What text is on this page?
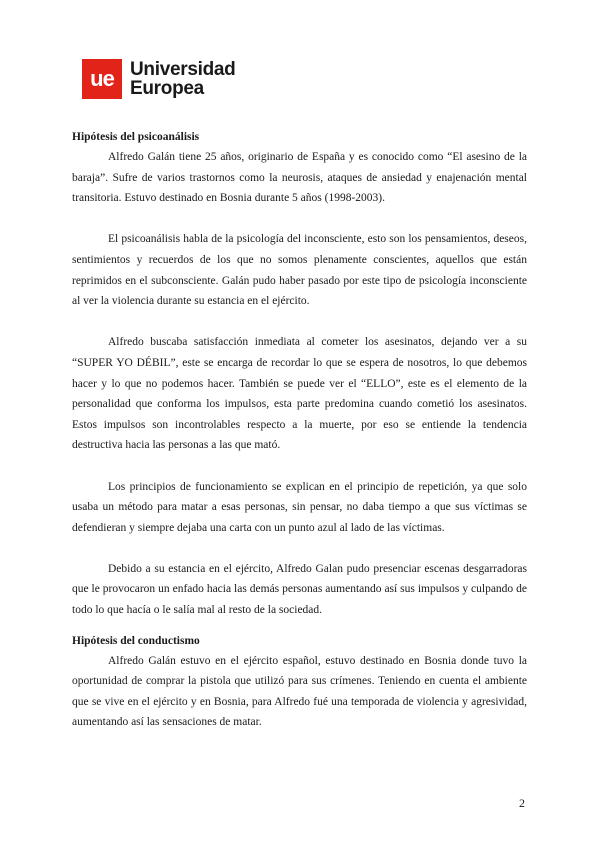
ue Universidad
Europea
Hipótesis del psicoanálisis

Alfredo Galán tiene 25 años, originario de España y es conocido como “El asesino de la baraja”. Sufre de varios trastornos como la neurosis, ataques de ansiedad y enajenación mental transitoria. Estuvo destinado en Bosnia durante 5 años (1998-2003).

El psicoanálisis habla de la psicología del inconsciente, esto son los pensamientos, deseos, sentimientos y recuerdos de los que no somos plenamente conscientes, aquellos que están reprimidos en el subconsciente. Galán pudo haber pasado por este tipo de psicología inconsciente al ver la violencia durante su estancia en el ejército.

Alfredo buscaba satisfacción inmediata al cometer los asesinatos, dejando ver a su “SUPER YO DÉBIL”, este se encarga de recordar lo que se espera de nosotros, lo que debemos hacer y lo que no podemos hacer. También se puede ver el “ELLO”, este es el elemento de la personalidad que conforma los impulsos, esta parte predomina cuando cometió los asesinatos. Estos impulsos son incontrolables respecto a la muerte, por eso se entiende la tendencia destructiva hacia las personas a las que mató.

Los principios de funcionamiento se explican en el principio de repetición, ya que solo usaba un método para matar a esas personas, sin pensar, no daba tiempo a que sus víctimas se defendieran y siempre dejaba una carta con un punto azul al lado de las víctimas.

Debido a su estancia en el ejército, Alfredo Galan pudo presenciar escenas desgarradoras que le provocaron un enfado hacia las demás personas aumentando así sus impulsos y culpando de todo lo que hacía o le salía mal al resto de la sociedad.

Hipótesis del conductismo

Alfredo Galán estuvo en el ejército español, estuvo destinado en Bosnia donde tuvo la oportunidad de comprar la pistola que utilizó para sus crímenes. Teniendo en cuenta el ambiente que se vive en el ejército y en Bosnia, para Alfredo fué una temporada de violencia y agresividad, aumentando así las sensaciones de matar.

2
